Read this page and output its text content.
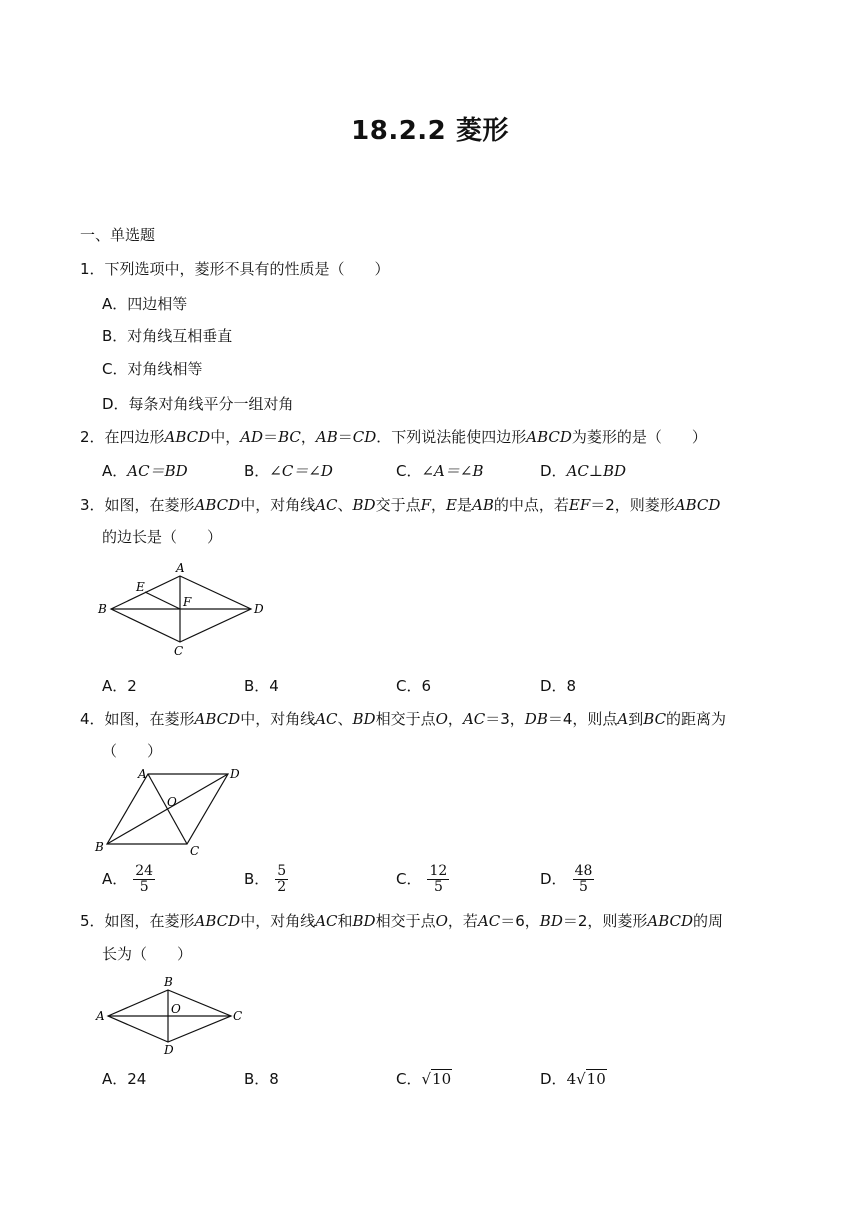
18.2.2 菱形
一、单选题
1．下列选项中，菱形不具有的性质是（　　）
A．四边相等
B．对角线互相垂直
C．对角线相等
D．每条对角线平分一组对角
2．在四边形ABCD中，AD＝BC，AB＝CD．下列说法能使四边形ABCD为菱形的是（　　）
A．AC＝BD	B．∠C＝∠D	C．∠A＝∠B	D．AC⊥BD
3．如图，在菱形ABCD中，对角线AC、BD交于点F，E是AB的中点，若EF＝2，则菱形ABCD
的边长是（　　）
A
B
C
D
E
F
A．2	B．4	C．6	D．8
4．如图，在菱形ABCD中，对角线AC、BD相交于点O，AC＝3，DB＝4，则点A到BC的距离为
（　　）
A
B	C
D
O
A． $\frac{24}{5}$	B． $\frac{5}{2}$	C． $\frac{12}{5}$	D． $\frac{48}{5}$
5．如图，在菱形ABCD中，对角线AC和BD相交于点O，若AC＝6，BD＝2，则菱形ABCD的周
长为（　　）
B
A	C
D
O
A．24	B．8	C．√10	D．4√10
